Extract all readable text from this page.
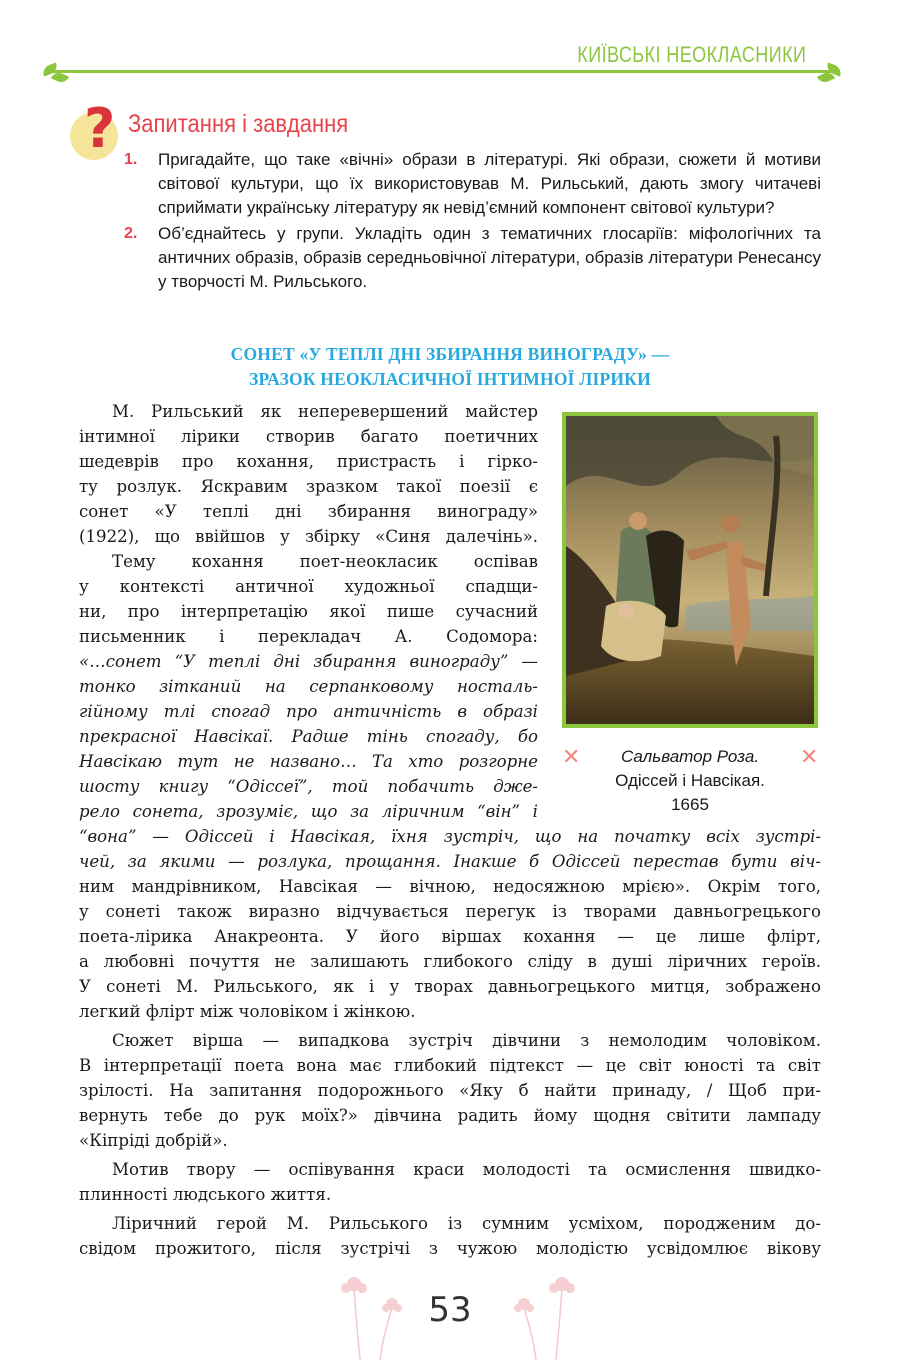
КИЇВСЬКІ НЕОКЛАСНИКИ
? Запитання і завдання
1. Пригадайте, що таке «вічні» образи в літературі. Які образи, сюжети й мотиви світової культури, що їх використовував М. Рильський, дають змогу читачеві сприймати українську літературу як невід’ємний компонент світової культури?
2. Об’єднайтесь у групи. Укладіть один з тематичних глосаріїв: міфологічних та античних образів, образів середньовічної літератури, образів літератури Ренесансу у творчості М. Рильського.
СОНЕТ «У ТЕПЛІ ДНІ ЗБИРАННЯ ВИНОГРАДУ» —
ЗРАЗОК НЕОКЛАСИЧНОЇ ІНТИМНОЇ ЛІРИКИ
М. Рильський як неперевершений майстер
інтимної лірики створив багато поетичних
шедеврів про кохання, пристрасть і гірко-
ту розлук. Яскравим зразком такої поезії є
сонет «У теплі дні збирання винограду»
(1922), що ввійшов у збірку «Синя далечінь».
Тему кохання поет-неокласик оспівав
у контексті античної художньої спадщи-
ни, про інтерпретацію якої пише сучасний
письменник і перекладач А. Содомора:
«…сонет “У теплі дні збирання винограду” —
тонко зітканий на серпанковому носталь-
гійному тлі спогад про античність в образі
прекрасної Навсікаї. Радше тінь спогаду, бо
Навсікаю тут не названо… Та хто розгорне
шосту книгу “Одіссеї”, той побачить дже-
рело сонета, зрозуміє, що за ліричним “він” і
“вона” — Одіссей і Навсікая, їхня зустріч, що на початку всіх зустрі-
чей, за якими — розлука, прощання. Інакше б Одіссей перестав бути віч-
ним мандрівником, Навсікая — вічною, недосяжною мрією». Окрім того,
у сонеті також виразно відчувається перегук із творами давньогрецького
поета-лірика Анакреонта. У його віршах кохання — це лише флірт,
а любовні почуття не залишають глибокого сліду в душі ліричних героїв.
У сонеті М. Рильського, як і у творах давньогрецького митця, зображено
легкий флірт між чоловіком і жінкою.
Сюжет вірша — випадкова зустріч дівчини з немолодим чоловіком.
В інтерпретації поета вона має глибокий підтекст — це світ юності та світ
зрілості. На запитання подорожнього «Яку б найти принаду, / Щоб при-
вернуть тебе до рук моїх?» дівчина радить йому щодня світити лампаду
«Кіпріді добрій».
Мотив твору — оспівування краси молодості та осмислення швидко-
плинності людського життя.
Ліричний герой М. Рильського із сумним усміхом, породженим до-
свідом прожитого, після зустрічі з чужою молодістю усвідомлює вікову
✕	✕
Сальватор Роза.
Одіссей і Навсікая.
1665
53
